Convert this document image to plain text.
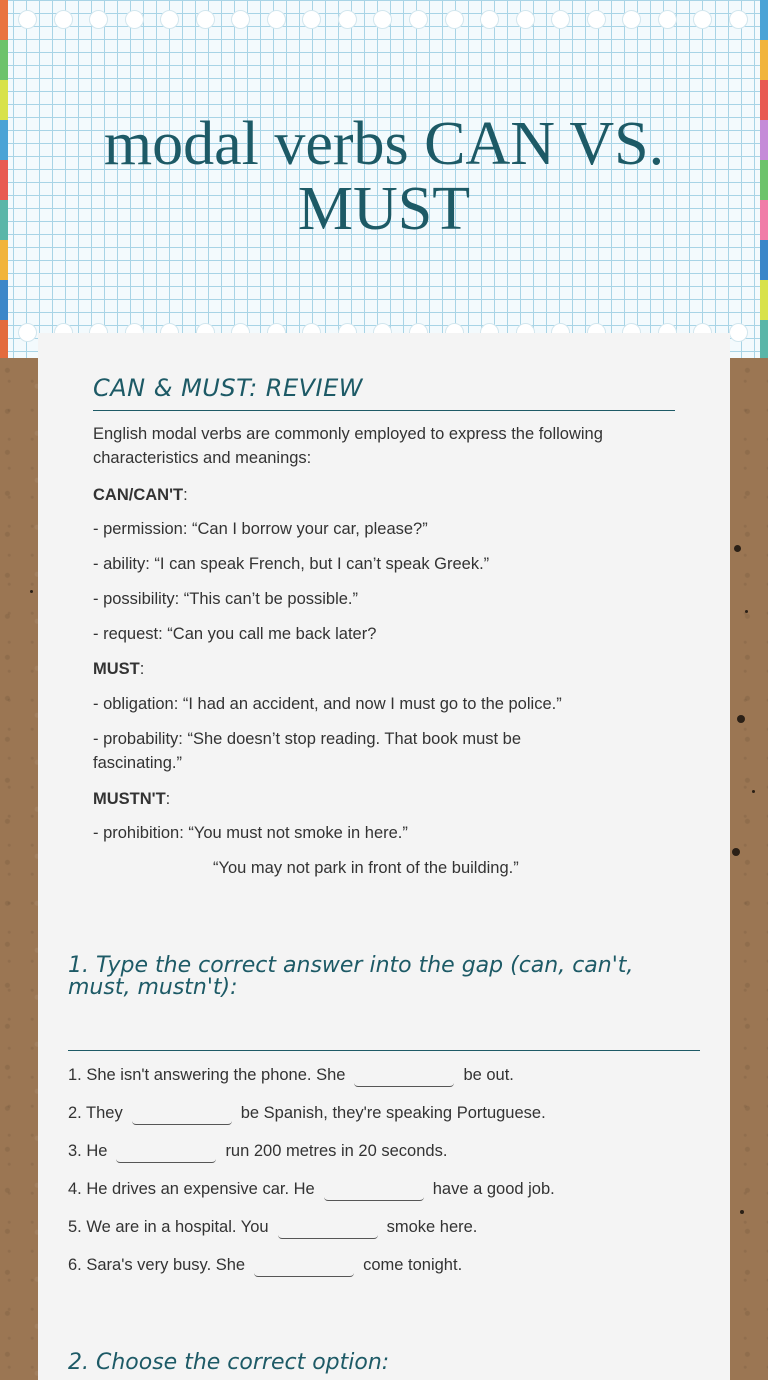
modal verbs CAN VS. MUST
CAN & MUST: REVIEW

English modal verbs are commonly employed to express the following characteristics and meanings:

CAN/CAN'T:

- permission: “Can I borrow your car, please?”

- ability: “I can speak French, but I can’t speak Greek.”

- possibility: “This can’t be possible.”

- request: “Can you call me back later?

MUST:

- obligation: “I had an accident, and now I must go to the police.”

- probability: “She doesn’t stop reading. That book must be fascinating.”

MUSTN'T:

- prohibition: “You must not smoke in here.”

“You may not park in front of the building.”

1. Type the correct answer into the gap (can, can't, must, mustn't):
1. She isn't answering the phone. She	be out.
2. They	be Spanish, they're speaking Portuguese.
3. He	run 200 metres in 20 seconds.
4. He drives an expensive car. He	have a good job.
5. We are in a hospital. You	smoke here.
6. Sara's very busy. She	come tonight.
2. Choose the correct option:
